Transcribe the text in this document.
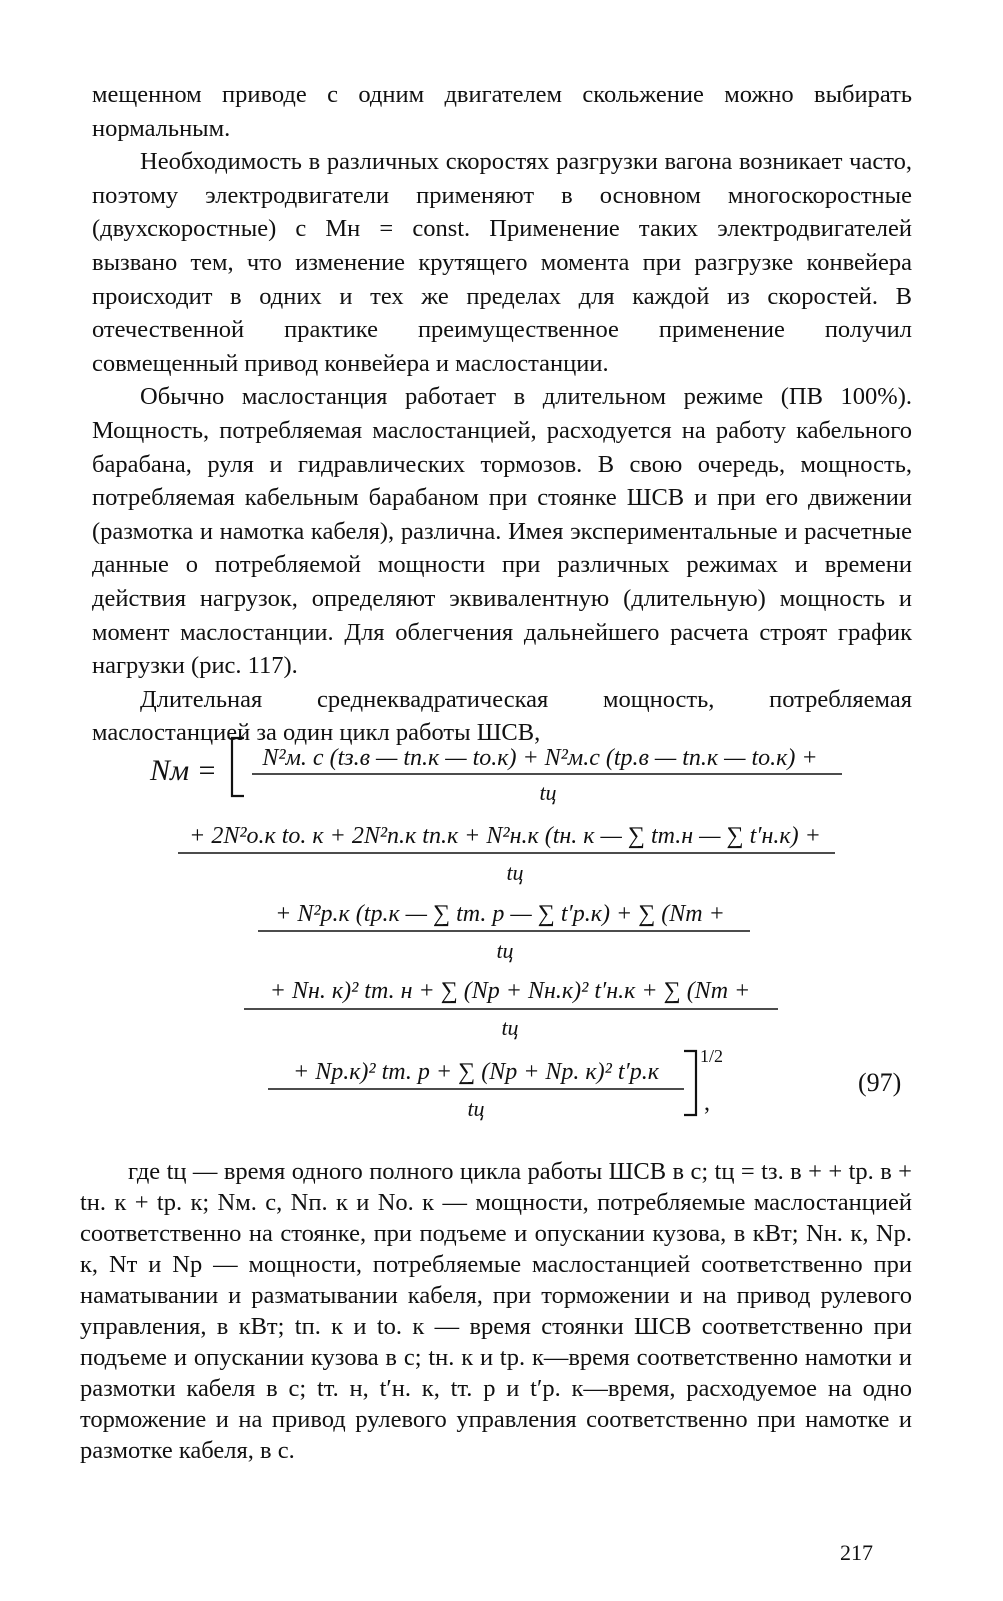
мещенном приводе с одним двигателем скольжение можно выбирать нормальным.

Необходимость в различных скоростях разгрузки вагона возникает часто, поэтому электродвигатели применяют в основном многоскоростные (двухскоростные) с Mн = const. Применение таких электродвигателей вызвано тем, что изменение крутящего момента при разгрузке конвейера происходит в одних и тех же пределах для каждой из скоростей. В отечественной практике преимущественное применение получил совмещенный привод конвейера и маслостанции.

Обычно маслостанция работает в длительном режиме (ПВ 100%). Мощность, потребляемая маслостанцией, расходуется на работу кабельного барабана, руля и гидравлических тормозов. В свою очередь, мощность, потребляемая кабельным барабаном при стоянке ШСВ и при его движении (размотка и намотка кабеля), различна. Имея экспериментальные и расчетные данные о потребляемой мощности при различных режимах и времени действия нагрузок, определяют эквивалентную (длительную) мощность и момент маслостанции. Для облегчения дальнейшего расчета строят график нагрузки (рис. 117).

Длительная среднеквадратическая мощность, потребляемая маслостанцией за один цикл работы ШСВ,

Nм = N²м. с (tз.в — tп.к — tо.к) + N²м.с (tр.в — tп.к — tо.к) +
tц
+ 2N²о.к tо. к + 2N²п.к tп.к + N²н.к (tн. к — ∑ tт.н — ∑ t′н.к) +
tц
+ N²р.к (tр.к — ∑ tт. р — ∑ t′р.к) + ∑ (Nт +
tц
+ Nн. к)² tт. н + ∑ (Nр + Nн.к)² t′н.к + ∑ (Nт +
tц
+ Nр.к)² tт. р + ∑ (Nр + Nр. к)² t′р.к
tц
1/2
,
(97)

где tц — время одного полного цикла работы ШСВ в с; tц = tз. в + + tр. в + tн. к + tр. к; Nм. с, Nп. к и Nо. к — мощности, потребляемые маслостанцией соответственно на стоянке, при подъеме и опускании кузова, в кВт; Nн. к, Nр. к, Nт и Nр — мощности, потребляемые маслостанцией соответственно при наматывании и разматывании кабеля, при торможении и на привод рулевого управления, в кВт; tп. к и tо. к — время стоянки ШСВ соответственно при подъеме и опускании кузова в с; tн. к и tр. к—время соответственно намотки и размотки кабеля в с; tт. н, t′н. к, tт. р и t′р. к—время, расходуемое на одно торможение и на привод рулевого управления соответственно при намотке и размотке кабеля, в с.

217
